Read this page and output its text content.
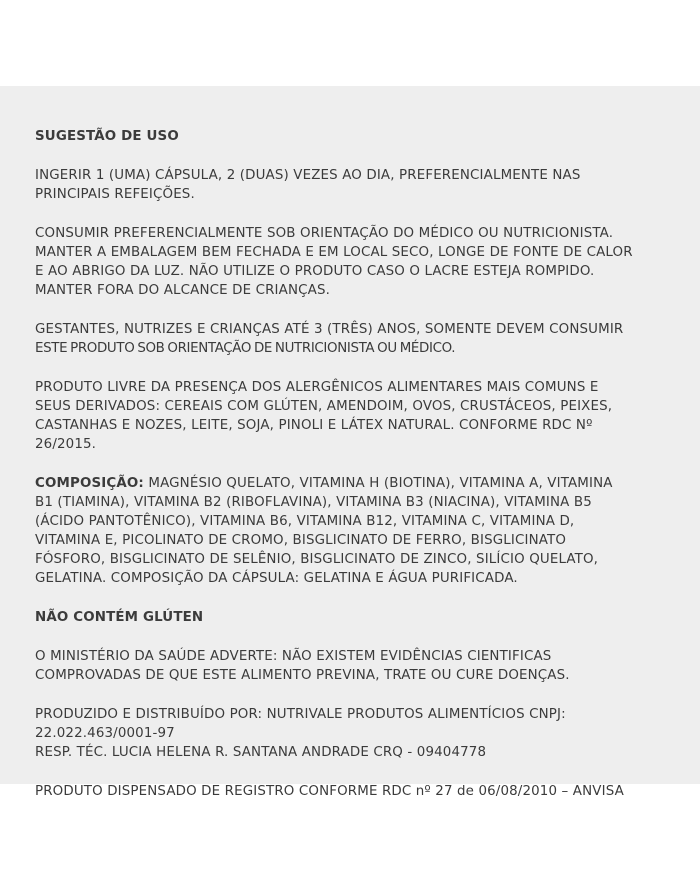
SUGESTÃO DE USO

INGERIR 1 (UMA) CÁPSULA, 2 (DUAS) VEZES AO DIA, PREFERENCIALMENTE NAS
PRINCIPAIS REFEIÇÕES.

CONSUMIR PREFERENCIALMENTE SOB ORIENTAÇÃO DO MÉDICO OU NUTRICIONISTA.
MANTER A EMBALAGEM BEM FECHADA E EM LOCAL SECO, LONGE DE FONTE DE CALOR
E AO ABRIGO DA LUZ. NÃO UTILIZE O PRODUTO CASO O LACRE ESTEJA ROMPIDO.
MANTER FORA DO ALCANCE DE CRIANÇAS.

GESTANTES, NUTRIZES E CRIANÇAS ATÉ 3 (TRÊS) ANOS, SOMENTE DEVEM CONSUMIR
ESTE PRODUTO SOB ORIENTAÇÃO DE NUTRICIONISTA OU MÉDICO.

PRODUTO LIVRE DA PRESENÇA DOS ALERGÊNICOS ALIMENTARES MAIS COMUNS E
SEUS DERIVADOS: CEREAIS COM GLÚTEN, AMENDOIM, OVOS, CRUSTÁCEOS, PEIXES,
CASTANHAS E NOZES, LEITE, SOJA, PINOLI E LÁTEX NATURAL. CONFORME RDC Nº
26/2015.

COMPOSIÇÃO: MAGNÉSIO QUELATO, VITAMINA H (BIOTINA), VITAMINA A, VITAMINA
B1 (TIAMINA), VITAMINA B2 (RIBOFLAVINA), VITAMINA B3 (NIACINA), VITAMINA B5
(ÁCIDO PANTOTÊNICO), VITAMINA B6, VITAMINA B12, VITAMINA C, VITAMINA D,
VITAMINA E, PICOLINATO DE CROMO, BISGLICINATO DE FERRO, BISGLICINATO
FÓSFORO, BISGLICINATO DE SELÊNIO, BISGLICINATO DE ZINCO, SILÍCIO QUELATO,
GELATINA. COMPOSIÇÃO DA CÁPSULA: GELATINA E ÁGUA PURIFICADA.

NÃO CONTÉM GLÚTEN

O MINISTÉRIO DA SAÚDE ADVERTE: NÃO EXISTEM EVIDÊNCIAS CIENTIFICAS
COMPROVADAS DE QUE ESTE ALIMENTO PREVINA, TRATE OU CURE DOENÇAS.

PRODUZIDO E DISTRIBUÍDO POR: NUTRIVALE PRODUTOS ALIMENTÍCIOS CNPJ:
22.022.463/0001-97
RESP. TÉC. LUCIA HELENA R. SANTANA ANDRADE CRQ - 09404778

PRODUTO DISPENSADO DE REGISTRO CONFORME RDC nº 27 de 06/08/2010 – ANVISA
